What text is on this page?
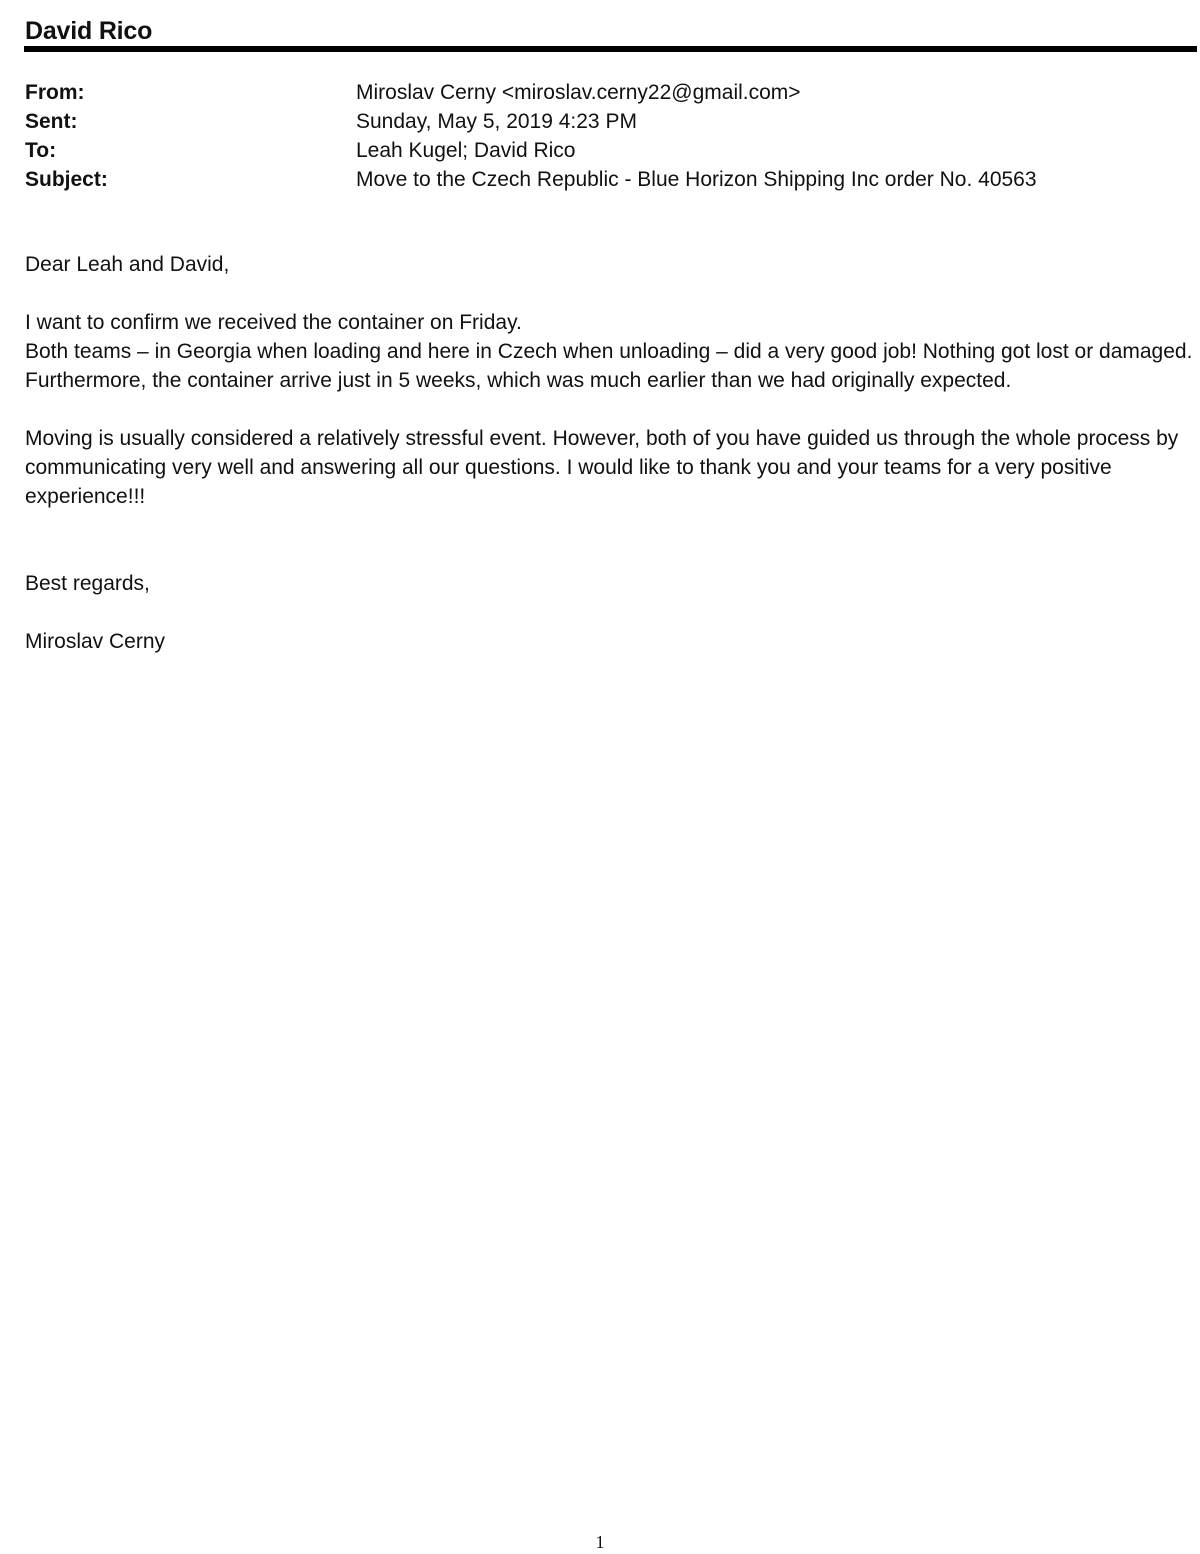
David Rico
From:	Miroslav Cerny <miroslav.cerny22@gmail.com>
Sent:	Sunday, May 5, 2019 4:23 PM
To:	Leah Kugel; David Rico
Subject:	Move to the Czech Republic - Blue Horizon Shipping Inc order No. 40563

Dear Leah and David,

I want to confirm we received the container on Friday.

Both teams – in Georgia when loading and here in Czech when unloading – did a very good job! Nothing got lost or damaged. Furthermore, the container arrive just in 5 weeks, which was much earlier than we had originally expected.

Moving is usually considered a relatively stressful event. However, both of you have guided us through the whole process by communicating very well and answering all our questions. I would like to thank you and your teams for a very positive experience!!!

Best regards,

Miroslav Cerny

1
